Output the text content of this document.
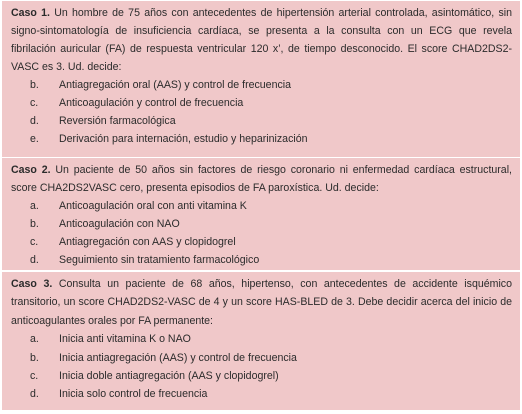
Caso 1. Un hombre de 75 años con antecedentes de hipertensión arterial controlada, asintomático, sin signo-sintomatología de insuficiencia cardíaca, se presenta a la consulta con un ECG que revela fibrilación auricular (FA) de respuesta ventricular 120 x’, de tiempo desconocido. El score CHAD2DS2-VASC es 3. Ud. decide:

b.	Antiagregación oral (AAS) y control de frecuencia
c.	Anticoagulación y control de frecuencia
d.	Reversión farmacológica
e.	Derivación para internación, estudio y heparinización

Caso 2. Un paciente de 50 años sin factores de riesgo coronario ni enfermedad cardíaca estructural, score CHA2DS2VASC cero, presenta episodios de FA paroxística. Ud. decide:

a.	Anticoagulación oral con anti vitamina K
b.	Anticoagulación con NAO
c.	Antiagregación con AAS y clopidogrel
d.	Seguimiento sin tratamiento farmacológico

Caso 3. Consulta un paciente de 68 años, hipertenso, con antecedentes de accidente isquémico transitorio, un score CHAD2DS2-VASC de 4 y un score HAS-BLED de 3. Debe decidir acerca del inicio de anticoagulantes orales por FA permanente:

a.	Inicia anti vitamina K o NAO
b.	Inicia antiagregación (AAS) y control de frecuencia
c.	Inicia doble antiagregación (AAS y clopidogrel)
d.	Inicia solo control de frecuencia
